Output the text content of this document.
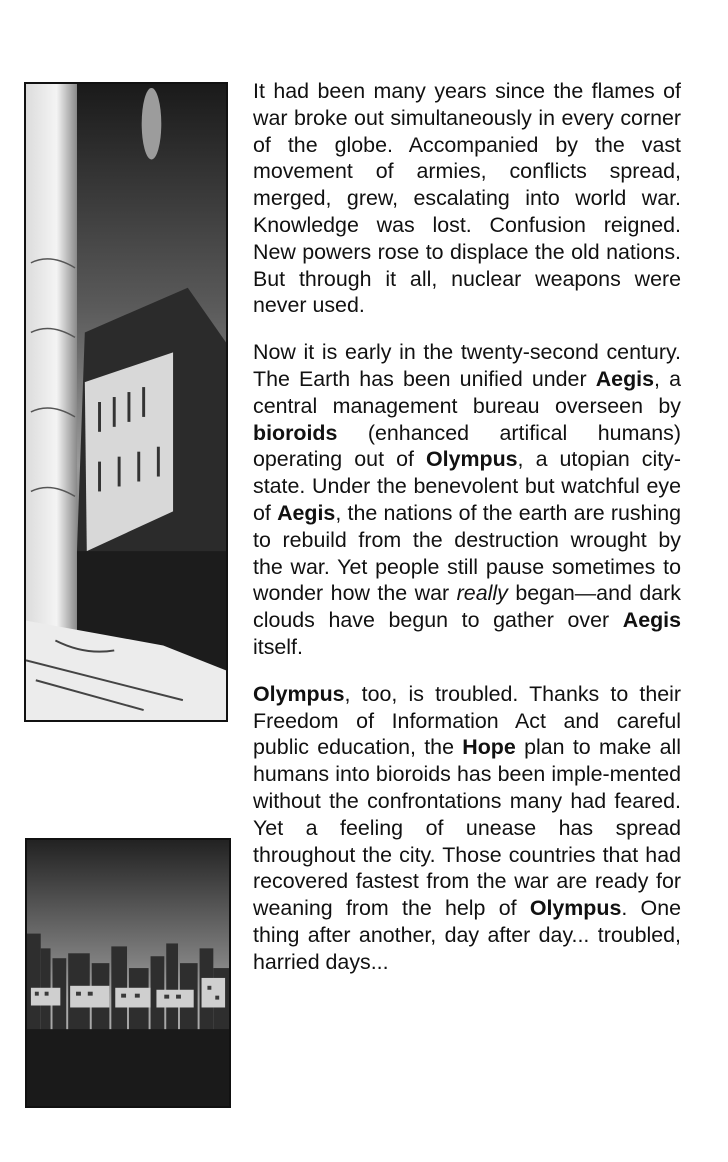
It had been many years since the flames of war broke out simultaneously in every corner of the globe. Accompanied by the vast movement of armies, conflicts spread, merged, grew, escalating into world war. Knowledge was lost. Confusion reigned. New powers rose to displace the old nations. But through it all, nuclear weapons were never used.

Now it is early in the twenty-second century. The Earth has been unified under Aegis, a central management bureau overseen by bioroids (enhanced artifical humans) operating out of Olympus, a utopian city-state. Under the benevolent but watchful eye of Aegis, the nations of the earth are rushing to rebuild from the destruction wrought by the war. Yet people still pause sometimes to wonder how the war really began—and dark clouds have begun to gather over Aegis itself.

Olympus, too, is troubled. Thanks to their Freedom of Information Act and careful public education, the Hope plan to make all humans into bioroids has been imple-mented without the confrontations many had feared. Yet a feeling of unease has spread throughout the city. Those countries that had recovered fastest from the war are ready for weaning from the help of Olympus. One thing after another, day after day... troubled, harried days...
